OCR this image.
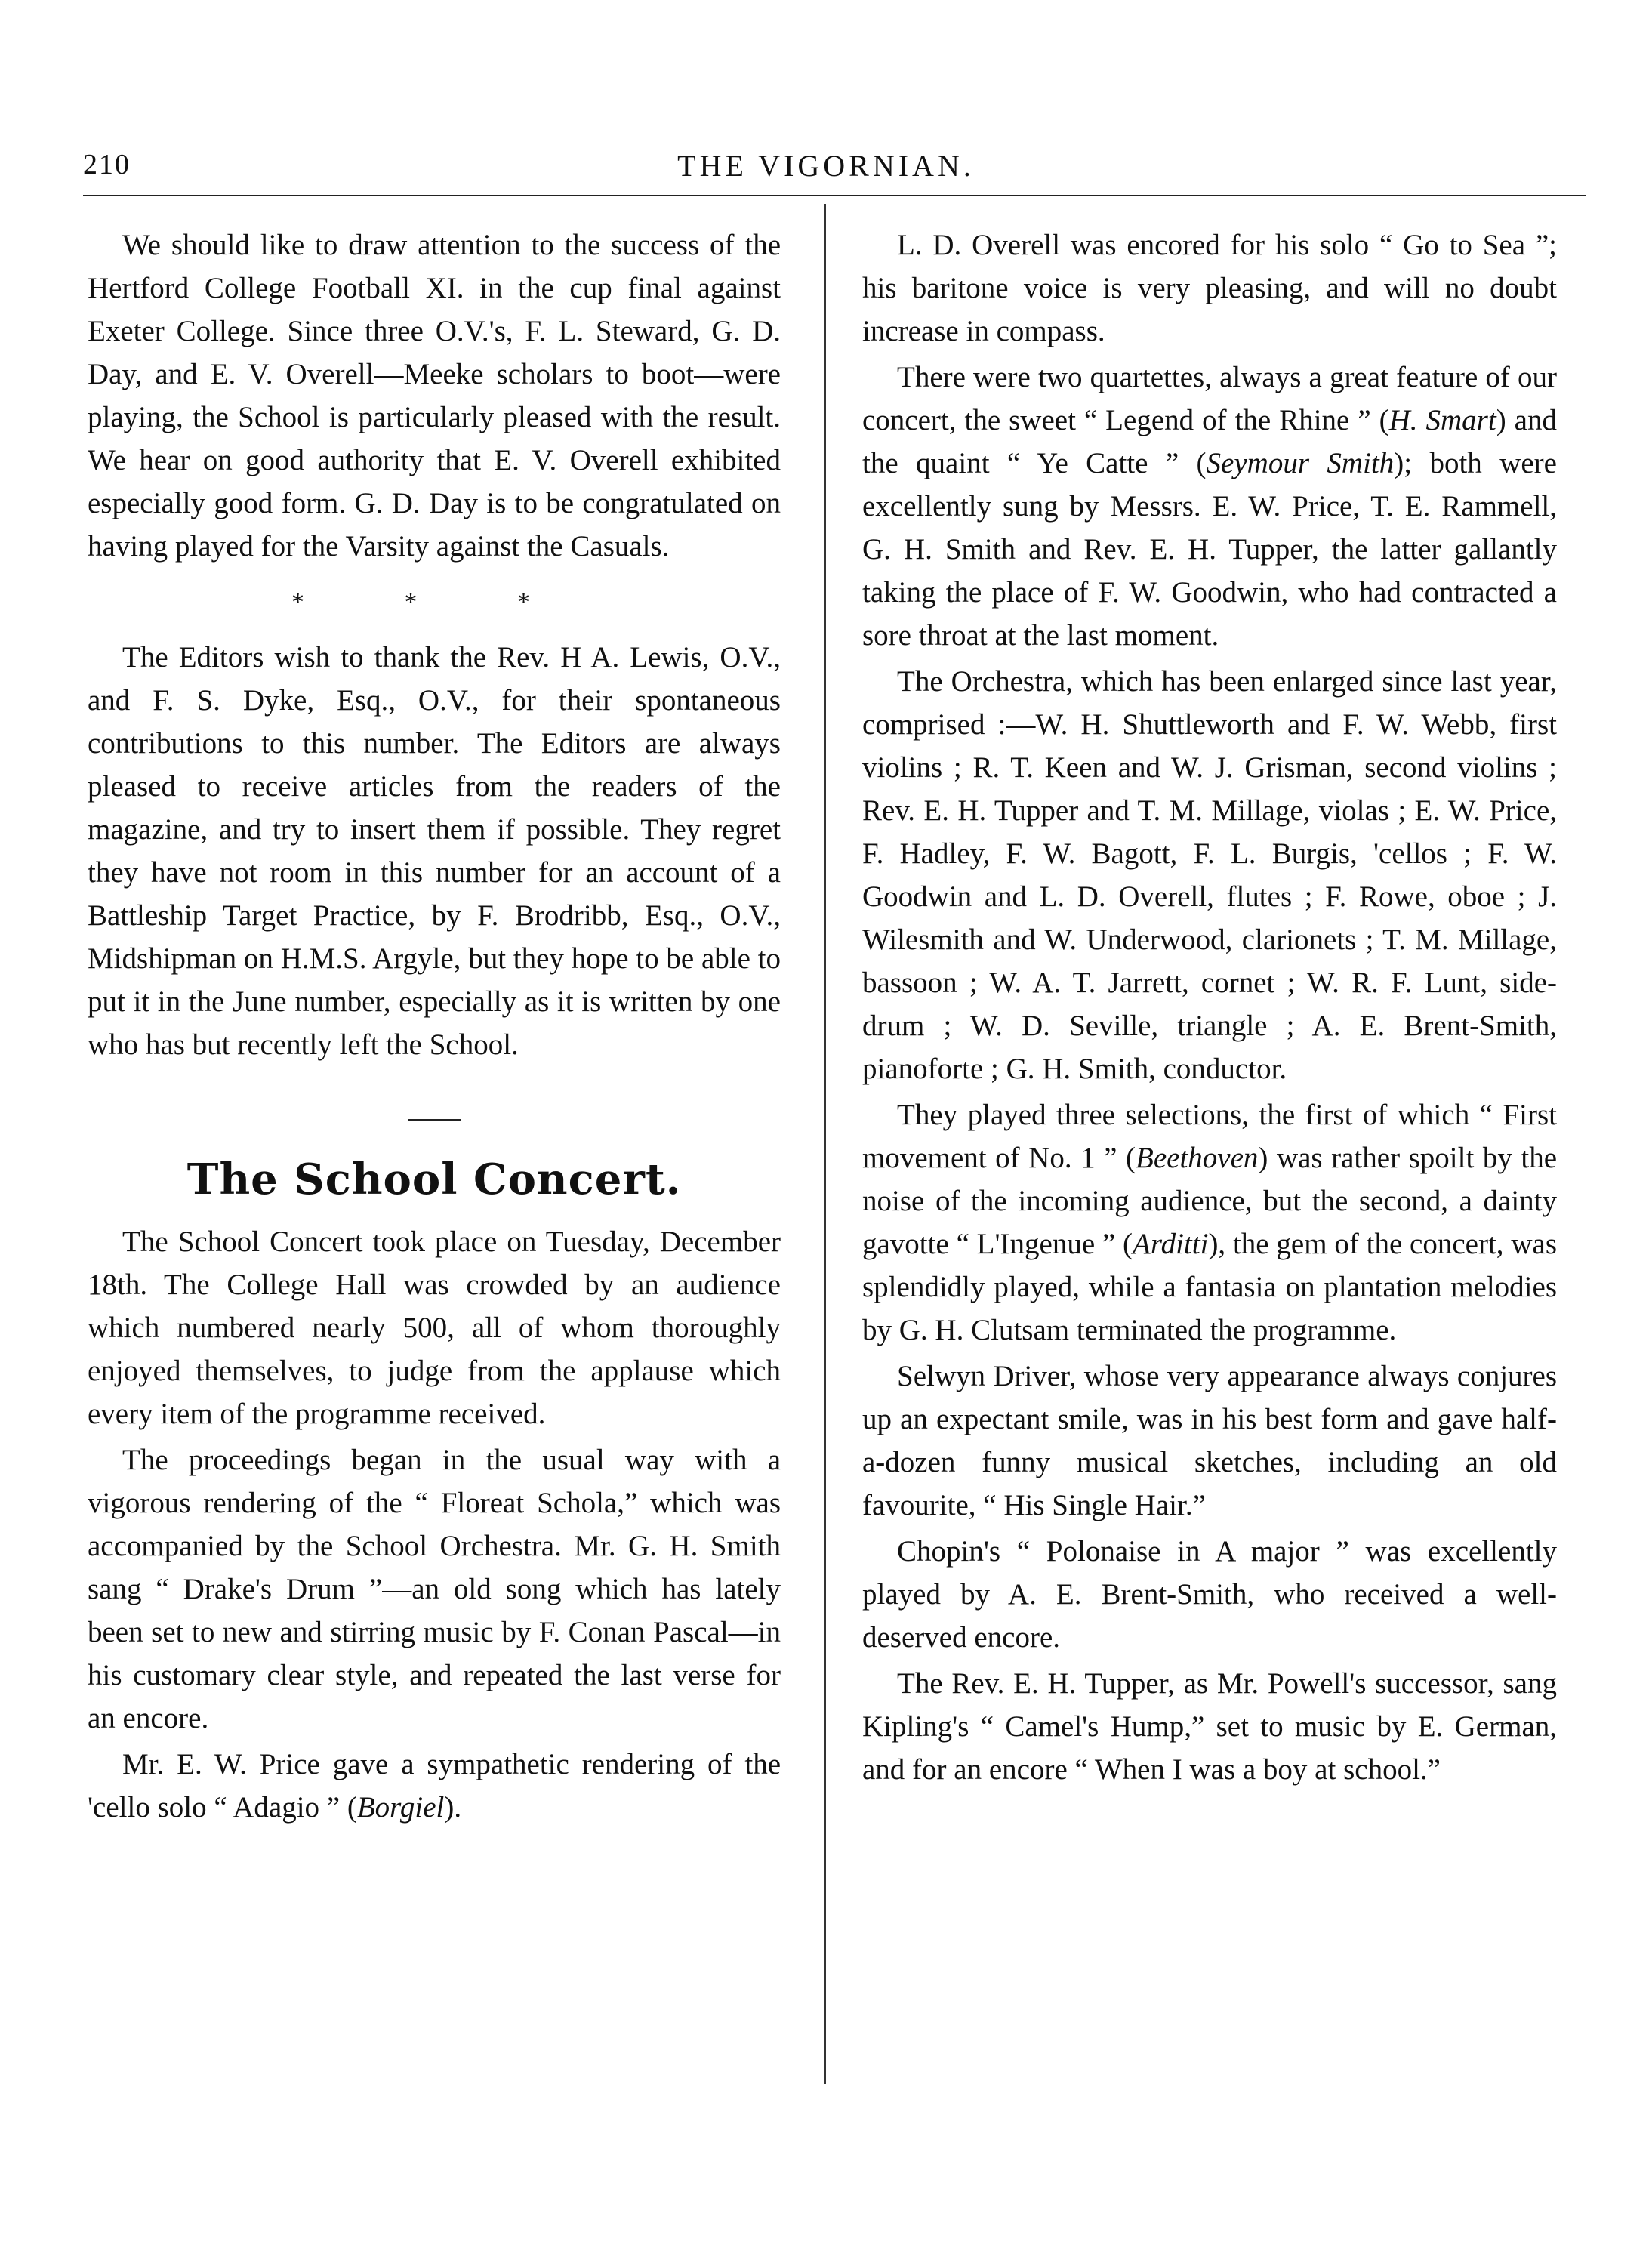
210	THE VIGORNIAN.

We should like to draw attention to the success of the Hertford College Football XI. in the cup final against Exeter College. Since three O.V.'s, F. L. Steward, G. D. Day, and E. V. Overell—Meeke scholars to boot—were playing, the School is particularly pleased with the result. We hear on good authority that E. V. Overell exhibited especially good form. G. D. Day is to be congratulated on having played for the Varsity against the Casuals.

* * *

The Editors wish to thank the Rev. H A. Lewis, O.V., and F. S. Dyke, Esq., O.V., for their spontaneous contributions to this number. The Editors are always pleased to receive articles from the readers of the magazine, and try to insert them if possible. They regret they have not room in this number for an account of a Battleship Target Practice, by F. Brodribb, Esq., O.V., Midshipman on H.M.S. Argyle, but they hope to be able to put it in the June number, especially as it is written by one who has but recently left the School.

The School Concert.

The School Concert took place on Tuesday, December 18th. The College Hall was crowded by an audience which numbered nearly 500, all of whom thoroughly enjoyed themselves, to judge from the applause which every item of the programme received.

The proceedings began in the usual way with a vigorous rendering of the “ Floreat Schola,” which was accompanied by the School Orchestra. Mr. G. H. Smith sang “ Drake's Drum ”—an old song which has lately been set to new and stirring music by F. Conan Pascal—in his customary clear style, and repeated the last verse for an encore.

Mr. E. W. Price gave a sympathetic rendering of the 'cello solo “ Adagio ” (Borgiel).

L. D. Overell was encored for his solo “ Go to Sea ”; his baritone voice is very pleasing, and will no doubt increase in compass.

There were two quartettes, always a great feature of our concert, the sweet “ Legend of the Rhine ” (H. Smart) and the quaint “ Ye Catte ” (Seymour Smith); both were excellently sung by Messrs. E. W. Price, T. E. Rammell, G. H. Smith and Rev. E. H. Tupper, the latter gallantly taking the place of F. W. Goodwin, who had contracted a sore throat at the last moment.

The Orchestra, which has been enlarged since last year, comprised :—W. H. Shuttleworth and F. W. Webb, first violins ; R. T. Keen and W. J. Grisman, second violins ; Rev. E. H. Tupper and T. M. Millage, violas ; E. W. Price, F. Hadley, F. W. Bagott, F. L. Burgis, 'cellos ; F. W. Goodwin and L. D. Overell, flutes ; F. Rowe, oboe ; J. Wilesmith and W. Underwood, clarionets ; T. M. Millage, bassoon ; W. A. T. Jarrett, cornet ; W. R. F. Lunt, side-drum ; W. D. Seville, triangle ; A. E. Brent-Smith, pianoforte ; G. H. Smith, conductor.

They played three selections, the first of which “ First movement of No. 1 ” (Beethoven) was rather spoilt by the noise of the incoming audience, but the second, a dainty gavotte “ L'Ingenue ” (Arditti), the gem of the concert, was splendidly played, while a fantasia on plantation melodies by G. H. Clutsam terminated the programme.

Selwyn Driver, whose very appearance always conjures up an expectant smile, was in his best form and gave half-a-dozen funny musical sketches, including an old favourite, “ His Single Hair.”

Chopin's “ Polonaise in A major ” was excellently played by A. E. Brent-Smith, who received a well-deserved encore.

The Rev. E. H. Tupper, as Mr. Powell's successor, sang Kipling's “ Camel's Hump,” set to music by E. German, and for an encore “ When I was a boy at school.”
